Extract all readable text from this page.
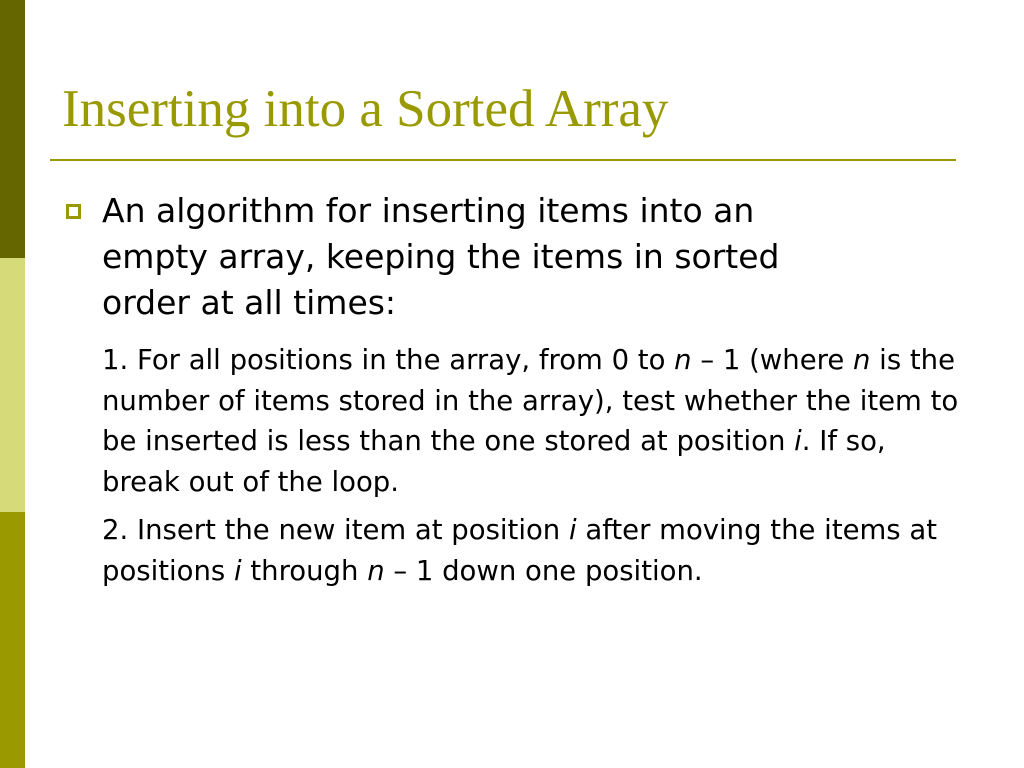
Inserting into a Sorted Array

An algorithm for inserting items into an
empty array, keeping the items in sorted
order at all times:

1. For all positions in the array, from 0 to n – 1 (where n is the number of items stored in the array), test whether the item to be inserted is less than the one stored at position i. If so, break out of the loop.

2. Insert the new item at position i after moving the items at positions i through n – 1 down one position.
